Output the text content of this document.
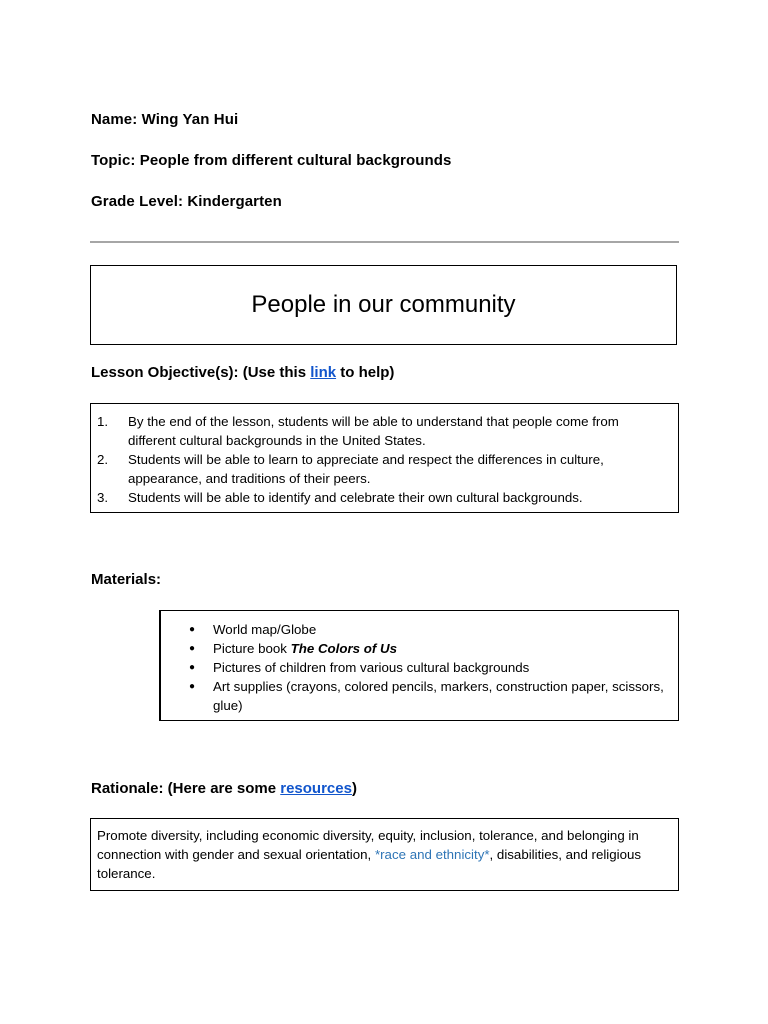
Name: Wing Yan Hui
Topic: People from different cultural backgrounds
Grade Level: Kindergarten
People in our community
Lesson Objective(s): (Use this link to help)
1.	By the end of the lesson, students will be able to understand that people come from different cultural backgrounds in the United States.
2.	Students will be able to learn to appreciate and respect the differences in culture, appearance, and traditions of their peers.
3.	Students will be able to identify and celebrate their own cultural backgrounds.
Materials:
●	World map/Globe
●	Picture book The Colors of Us
●	Pictures of children from various cultural backgrounds
●	Art supplies (crayons, colored pencils, markers, construction paper, scissors, glue)
Rationale: (Here are some resources)
Promote diversity, including economic diversity, equity, inclusion, tolerance, and belonging in connection with gender and sexual orientation, *race and ethnicity*, disabilities, and religious tolerance.
